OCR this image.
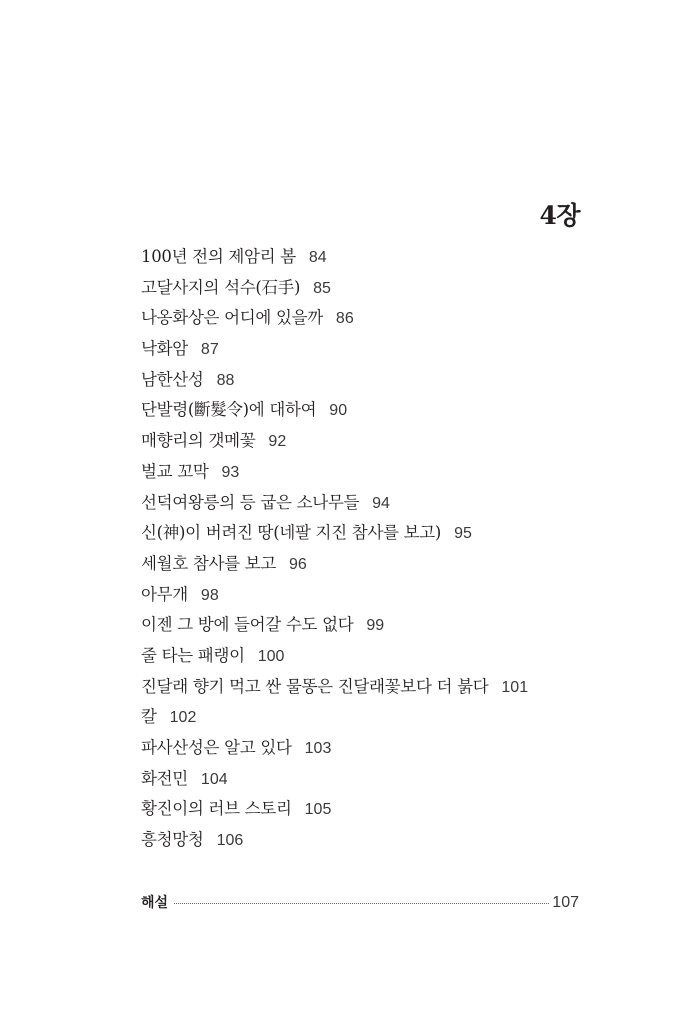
4장
100년 전의 제암리 봄 84
고달사지의 석수(石手) 85
나옹화상은 어디에 있을까 86
낙화암 87
남한산성 88
단발령(斷髮令)에 대하여 90
매향리의 갯메꽃 92
벌교 꼬막 93
선덕여왕릉의 등 굽은 소나무들 94
신(神)이 버려진 땅(네팔 지진 참사를 보고) 95
세월호 참사를 보고 96
아무개 98
이젠 그 방에 들어갈 수도 없다 99
줄 타는 패랭이 100
진달래 향기 먹고 싼 물똥은 진달래꽃보다 더 붉다 101
칼 102
파사산성은 알고 있다 103
화전민 104
황진이의 러브 스토리 105
흥청망청 106
해설	107
